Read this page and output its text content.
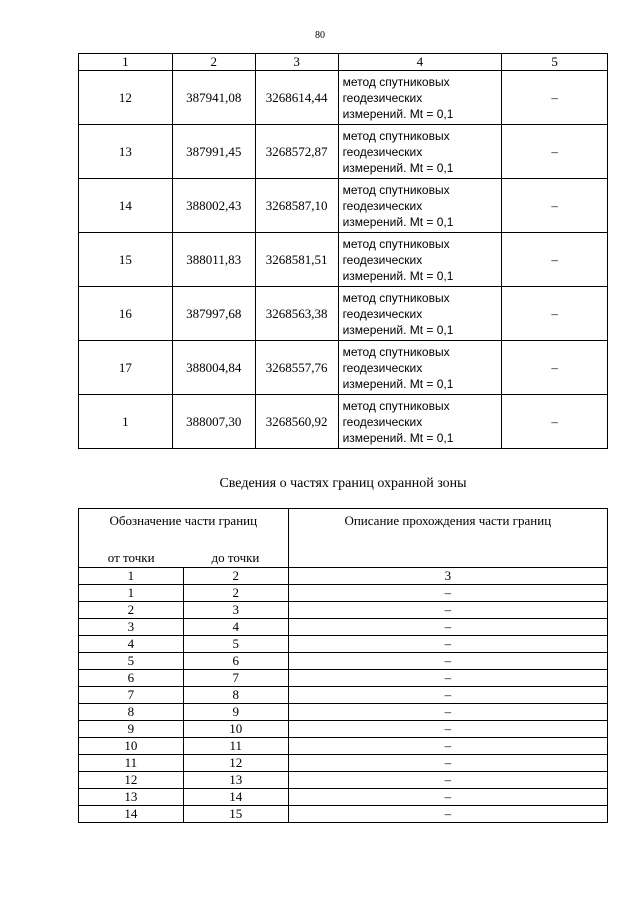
80
1	2	3	4	5
12	387941,08	3268614,44	метод спутниковых
геодезических
измерений. Mt = 0,1	–
13	387991,45	3268572,87	метод спутниковых
геодезических
измерений. Mt = 0,1	–
14	388002,43	3268587,10	метод спутниковых
геодезических
измерений. Mt = 0,1	–
15	388011,83	3268581,51	метод спутниковых
геодезических
измерений. Mt = 0,1	–
16	387997,68	3268563,38	метод спутниковых
геодезических
измерений. Mt = 0,1	–
17	388004,84	3268557,76	метод спутниковых
геодезических
измерений. Mt = 0,1	–
1	388007,30	3268560,92	метод спутниковых
геодезических
измерений. Mt = 0,1	–
Сведения о частях границ охранной зоны
Обозначение части границ		Описание прохождения части границ
от точки	до точки	
1	2	3
1	2	–
2	3	–
3	4	–
4	5	–
5	6	–
6	7	–
7	8	–
8	9	–
9	10	–
10	11	–
11	12	–
12	13	–
13	14	–
14	15	–
